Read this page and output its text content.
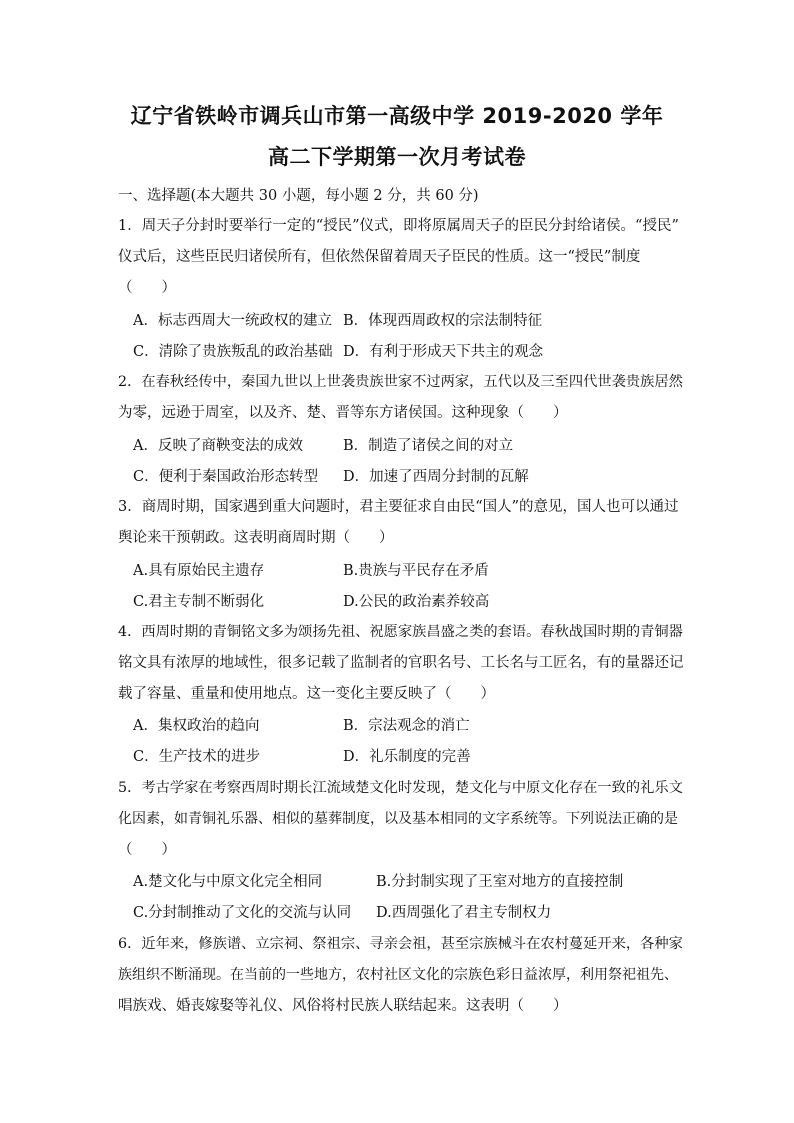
辽宁省铁岭市调兵山市第一高级中学 2019-2020 学年
高二下学期第一次月考试卷
一、选择题(本大题共 30 小题，每小题 2 分，共 60 分)
1．周天子分封时要举行一定的“授民”仪式，即将原属周天子的臣民分封给诸侯。“授民”
仪式后，这些臣民归诸侯所有，但依然保留着周天子臣民的性质。这一“授民”制度
（　　）
A．标志西周大一统政权的建立 B．体现西周政权的宗法制特征
C．清除了贵族叛乱的政治基础 D．有利于形成天下共主的观念
2．在春秋经传中，秦国九世以上世袭贵族世家不过两家，五代以及三至四代世袭贵族居然
为零，远逊于周室，以及齐、楚、晋等东方诸侯国。这种现象（　　）
A．反映了商鞅变法的成效	B．制造了诸侯之间的对立
C．便利于秦国政治形态转型 D．加速了西周分封制的瓦解
3．商周时期，国家遇到重大问题时，君主要征求自由民“国人”的意见，国人也可以通过
舆论来干预朝政。这表明商周时期（　　）
A.具有原始民主遗存	B.贵族与平民存在矛盾
C.君主专制不断弱化	D.公民的政治素养较高
4．西周时期的青铜铭文多为颂扬先祖、祝愿家族昌盛之类的套语。春秋战国时期的青铜器
铭文具有浓厚的地域性，很多记载了监制者的官职名号、工长名与工匠名，有的量器还记
载了容量、重量和使用地点。这一变化主要反映了（　　）
A．集权政治的趋向	B．宗法观念的消亡
C．生产技术的进步	D．礼乐制度的完善
5．考古学家在考察西周时期长江流域楚文化时发现，楚文化与中原文化存在一致的礼乐文
化因素，如青铜礼乐器、相似的墓葬制度，以及基本相同的文字系统等。下列说法正确的是
（　　）
A.楚文化与中原文化完全相同	B.分封制实现了王室对地方的直接控制
C.分封制推动了文化的交流与认同 D.西周强化了君主专制权力
6．近年来，修族谱、立宗祠、祭祖宗、寻亲会祖，甚至宗族械斗在农村蔓延开来，各种家
族组织不断涌现。在当前的一些地方，农村社区文化的宗族色彩日益浓厚，利用祭祀祖先、
唱族戏、婚丧嫁娶等礼仪、风俗将村民族人联结起来。这表明（　　）
